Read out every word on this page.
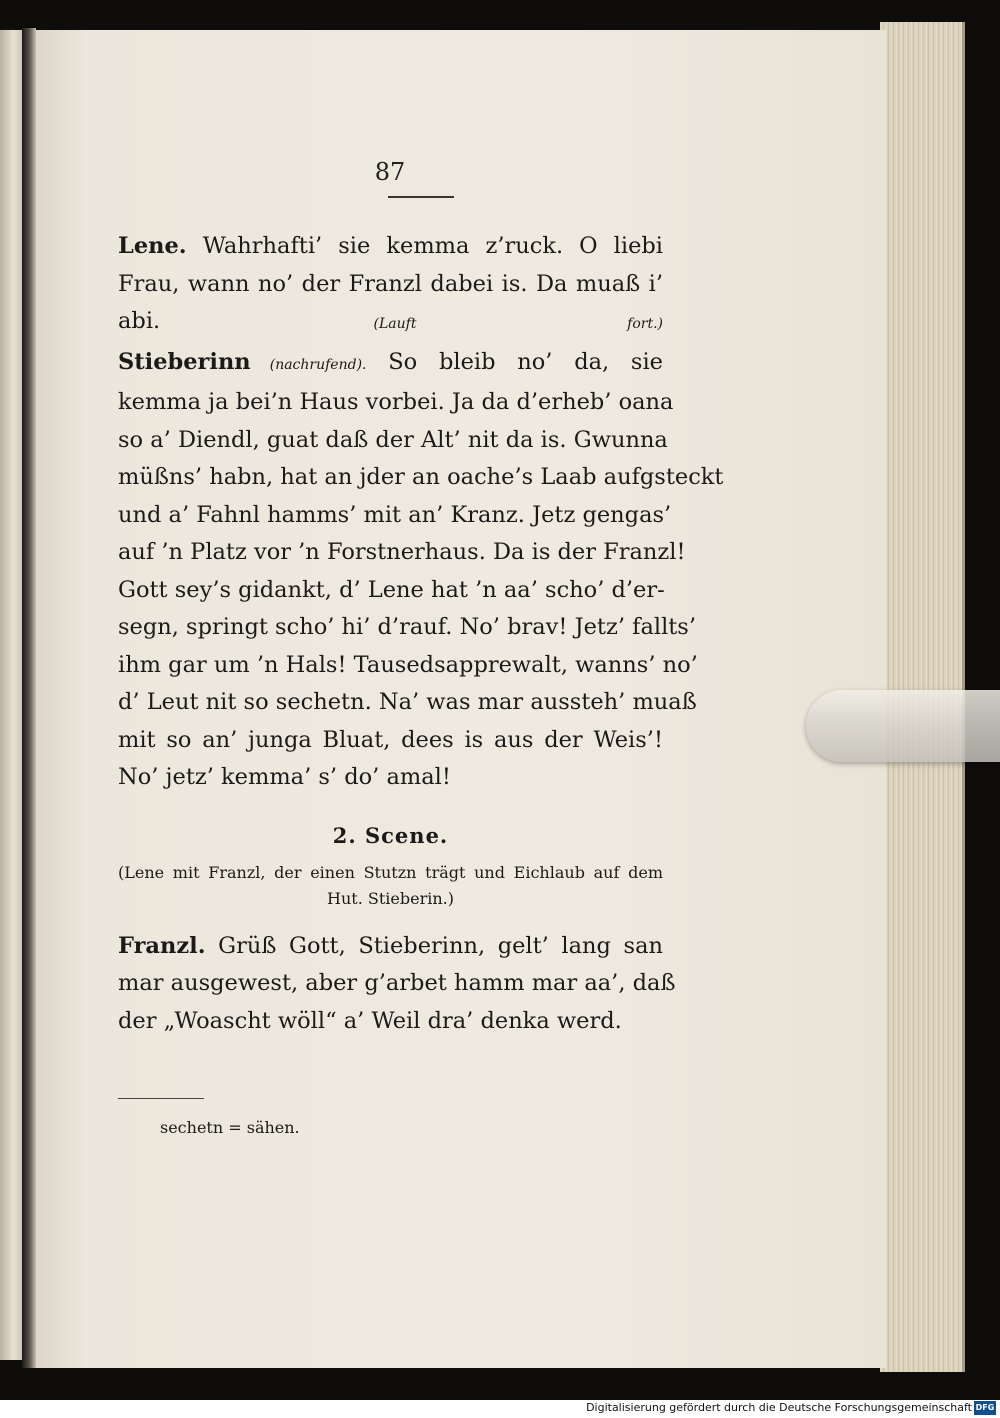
87
Lene. Wahrhafti’ sie kemma z’ruck. O liebi
Frau, wann no’ der Franzl dabei is. Da muaß i’
abi. (Lauft fort.)
Stieberinn (nachrufend). So bleib no’ da, sie
kemma ja bei’n Haus vorbei. Ja da d’erheb’ oana
so a’ Diendl, guat daß der Alt’ nit da is. Gwunna
müßns’ habn, hat an jder an oache’s Laab aufgsteckt
und a’ Fahnl hamms’ mit an’ Kranz. Jetz gengas’
auf ’n Platz vor ’n Forstnerhaus. Da is der Franzl!
Gott sey’s gidankt, d’ Lene hat ’n aa’ scho’ d’er-
segn, springt scho’ hi’ d’rauf. No’ brav! Jetz’ fallts’
ihm gar um ’n Hals! Tausedsapprewalt, wanns’ no’
d’ Leut nit so sechetn. Na’ was mar aussteh’ muaß
mit so an’ junga Bluat, dees is aus der Weis’!
No’ jetz’ kemma’ s’ do’ amal!
2. Scene.
(Lene mit Franzl, der einen Stutzn trägt und Eichlaub auf dem Hut. Stieberin.)
Franzl. Grüß Gott, Stieberinn, gelt’ lang san
mar ausgewest, aber g’arbet hamm mar aa’, daß
der „Woascht wöll“ a’ Weil dra’ denka werd.
sechetn = sähen.
Digitalisierung gefördert durch die Deutsche Forschungsgemeinschaft DFG
